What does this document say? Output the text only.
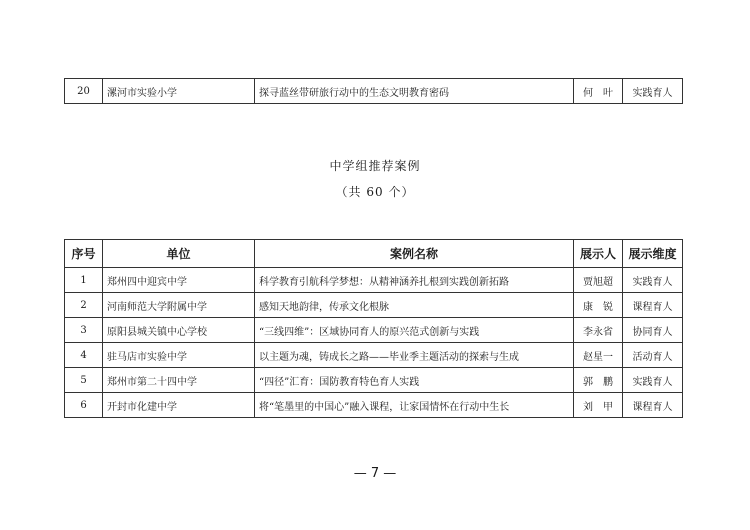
20	漯河市实验小学	探寻蓝丝带研旅行动中的生态文明教育密码	何　叶	实践育人
中学组推荐案例
（共 60 个）
序号	单位	案例名称	展示人	展示维度
1	郑州四中迎宾中学	科学教育引航科学梦想：从精神涵养扎根到实践创新拓路	贾旭超	实践育人
2	河南师范大学附属中学	感知天地韵律，传承文化根脉	康　锐	课程育人
3	原阳县城关镇中心学校	“三线四维”：区域协同育人的原兴范式创新与实践	李永省	协同育人
4	驻马店市实验中学	以主题为魂，铸成长之路——毕业季主题活动的探索与生成	赵星一	活动育人
5	郑州市第二十四中学	“四径”汇育：国防教育特色育人实践	郭　鹏	实践育人
6	开封市化建中学	将“笔墨里的中国心”融入课程，让家国情怀在行动中生长	刘　甲	课程育人
— 7 —
